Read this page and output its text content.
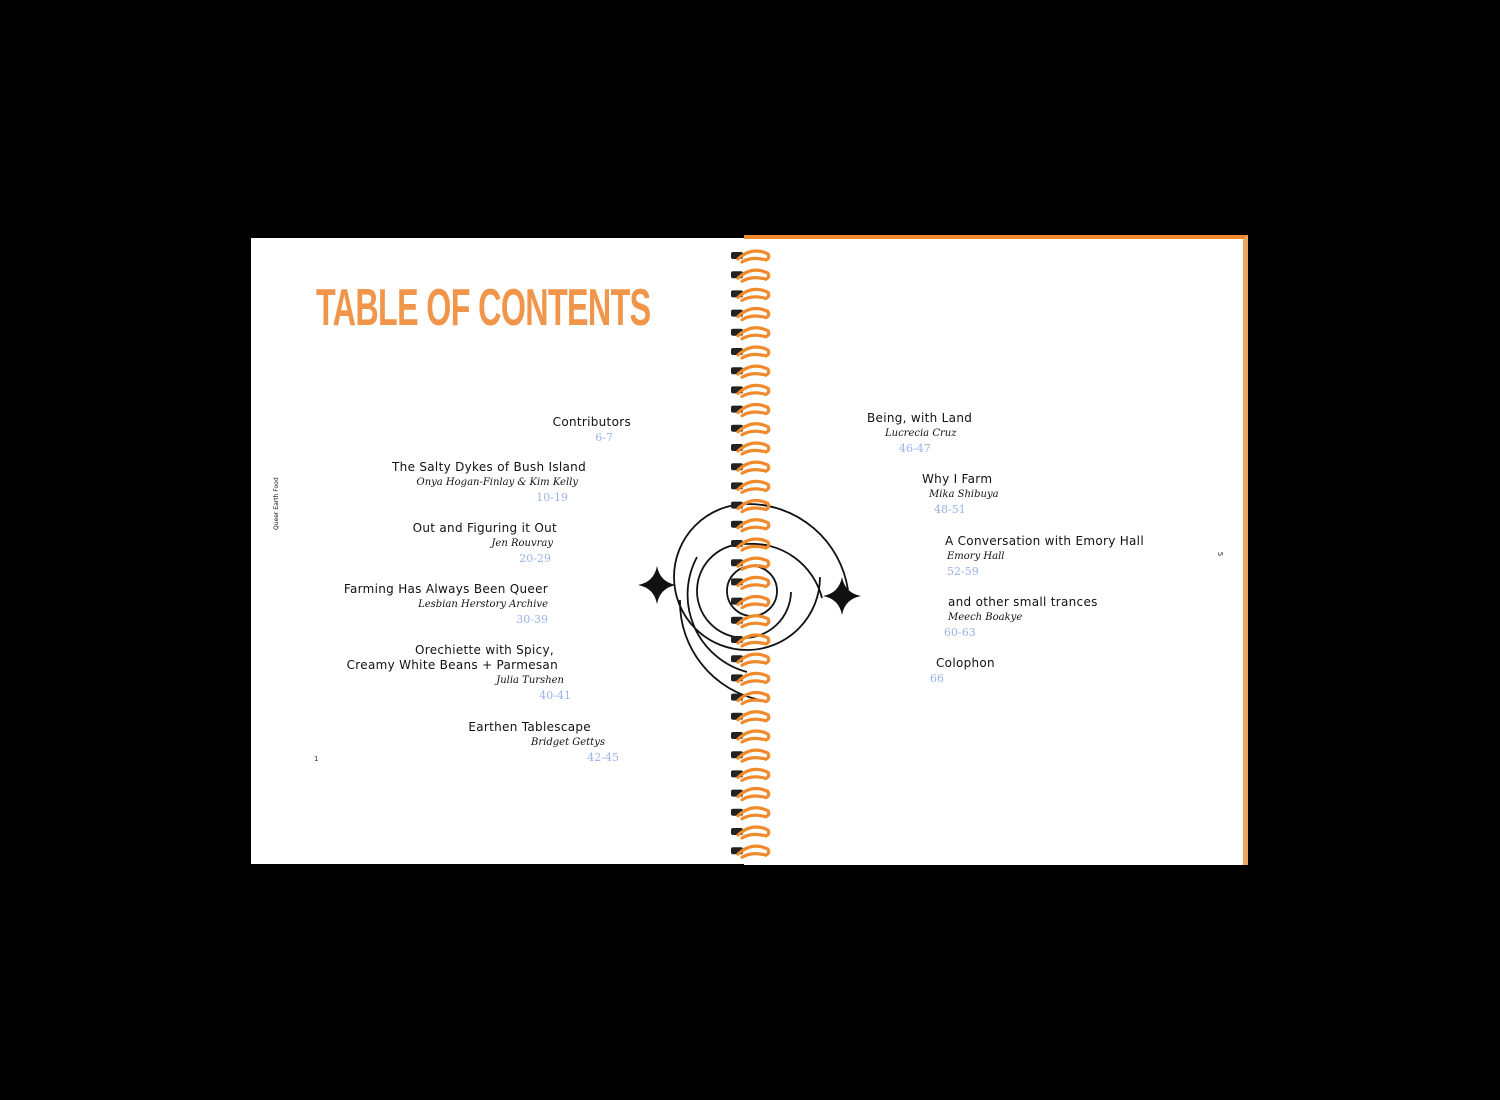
TABLE OF CONTENTS
Queer Earth Food
1
5
Contributors
6-7
The Salty Dykes of Bush Island
Onya Hogan-Finlay & Kim Kelly
10-19
Out and Figuring it Out
Jen Rouvray
20-29
Farming Has Always Been Queer
Lesbian Herstory Archive
30-39
Orechiette with Spicy,
Creamy White Beans + Parmesan
Julia Turshen
40-41
Earthen Tablescape
Bridget Gettys
42-45
Being, with Land
Lucrecia Cruz
46-47
Why I Farm
Mika Shibuya
48-51
A Conversation with Emory Hall
Emory Hall
52-59
and other small trances
Meech Boakye
60-63
Colophon
66
